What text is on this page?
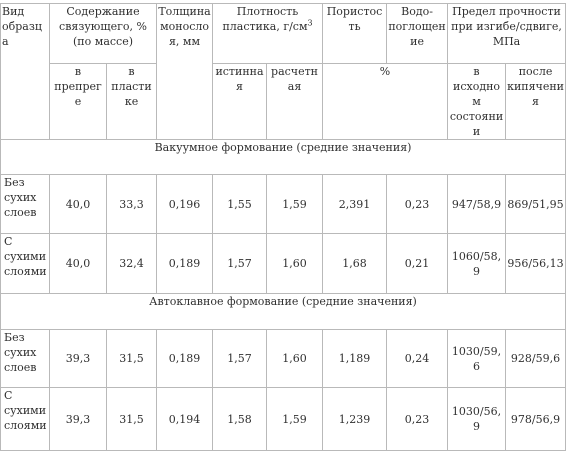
Вид образца	Содержание связующего, % (по массе)		Толщина монослоя, мм	Плотность пластика, $г/см^3$		Пористость	Водо-поглощение	Предел прочности при изгибе/сдвиге, МПа	
	в препреге	в пластике		истинная	расчетная	%		в исходном состоянии	после кипячения
Вакуумное формование (средние значения)									
Без сухих слоев	40,0	33,3	0,196	1,55	1,59	2,391	0,23	947/58,9	869/51,95
С сухими слоями	40,0	32,4	0,189	1,57	1,60	1,68	0,21	1060/58,9	956/56,13
Автоклавное формование (средние значения)									
Без сухих слоев	39,3	31,5	0,189	1,57	1,60	1,189	0,24	1030/59,6	928/59,6
С сухими слоями	39,3	31,5	0,194	1,58	1,59	1,239	0,23	1030/56,9	978/56,9
